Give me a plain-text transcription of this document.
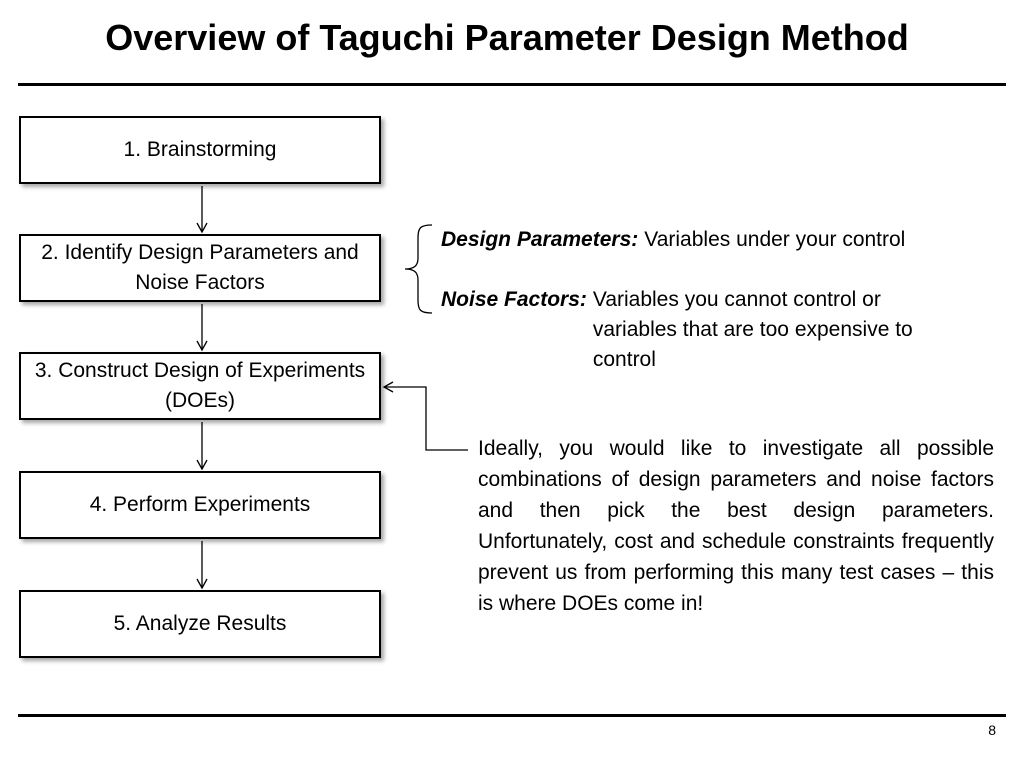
Overview of Taguchi Parameter Design Method
1. Brainstorming
2. Identify Design Parameters and Noise Factors
3. Construct Design of Experiments (DOEs)
4. Perform Experiments
5. Analyze Results
Design Parameters: Variables under your control
Noise Factors: Variables you cannot control or variables that are too expensive to control
Ideally, you would like to investigate all possible combinations of design parameters and noise factors and then pick the best design parameters. Unfortunately, cost and schedule constraints frequently prevent us from performing this many test cases – this is where DOEs come in!
8
